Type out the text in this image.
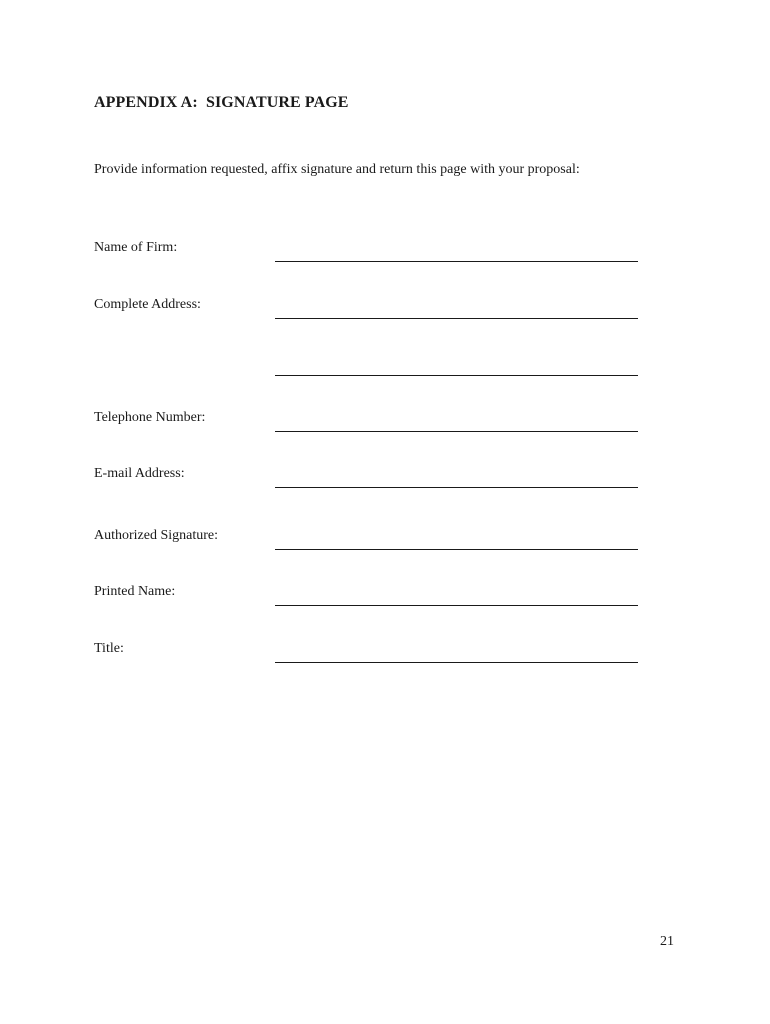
APPENDIX A:  SIGNATURE PAGE
Provide information requested, affix signature and return this page with your proposal:
Name of Firm:
Complete Address:
Telephone Number:
E-mail Address:
Authorized Signature:
Printed Name:
Title:
21
